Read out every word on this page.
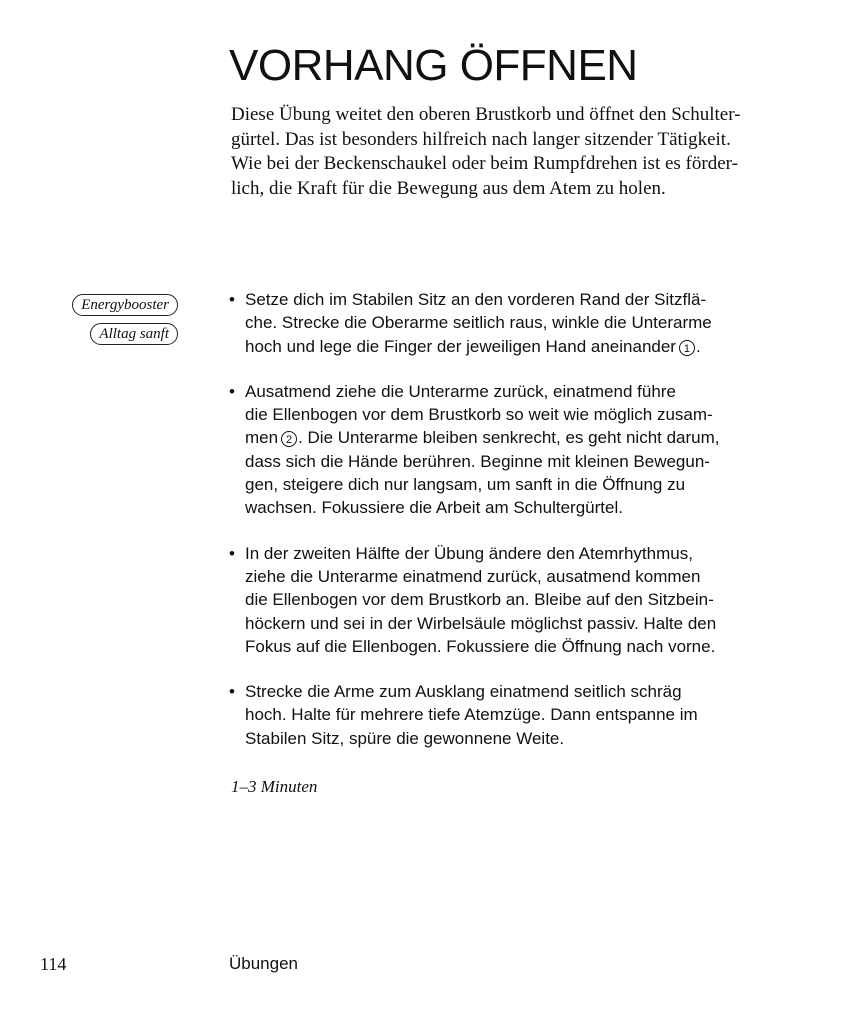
VORHANG ÖFFNEN
Diese Übung weitet den oberen Brustkorb und öffnet den Schulter-
gürtel. Das ist besonders hilfreich nach langer sitzender Tätigkeit.
Wie bei der Beckenschaukel oder beim Rumpfdrehen ist es förder-
lich, die Kraft für die Bewegung aus dem Atem zu holen.
Energybooster
Alltag sanft
• Setze dich im Stabilen Sitz an den vorderen Rand der Sitzflä-
che. Strecke die Oberarme seitlich raus, winkle die Unterarme
hoch und lege die Finger der jeweiligen Hand aneinander 1 .
• Ausatmend ziehe die Unterarme zurück, einatmend führe
die Ellenbogen vor dem Brustkorb so weit wie möglich zusam-
men 2 . Die Unterarme bleiben senkrecht, es geht nicht darum,
dass sich die Hände berühren. Beginne mit kleinen Bewegun-
gen, steigere dich nur langsam, um sanft in die Öffnung zu
wachsen. Fokussiere die Arbeit am Schultergürtel.
• In der zweiten Hälfte der Übung ändere den Atemrhythmus,
ziehe die Unterarme einatmend zurück, ausatmend kommen
die Ellenbogen vor dem Brustkorb an. Bleibe auf den Sitzbein-
höckern und sei in der Wirbelsäule möglichst passiv. Halte den
Fokus auf die Ellenbogen. Fokussiere die Öffnung nach vorne.
• Strecke die Arme zum Ausklang einatmend seitlich schräg
hoch. Halte für mehrere tiefe Atemzüge. Dann entspanne im
Stabilen Sitz, spüre die gewonnene Weite.
1–3 Minuten
114	Übungen
